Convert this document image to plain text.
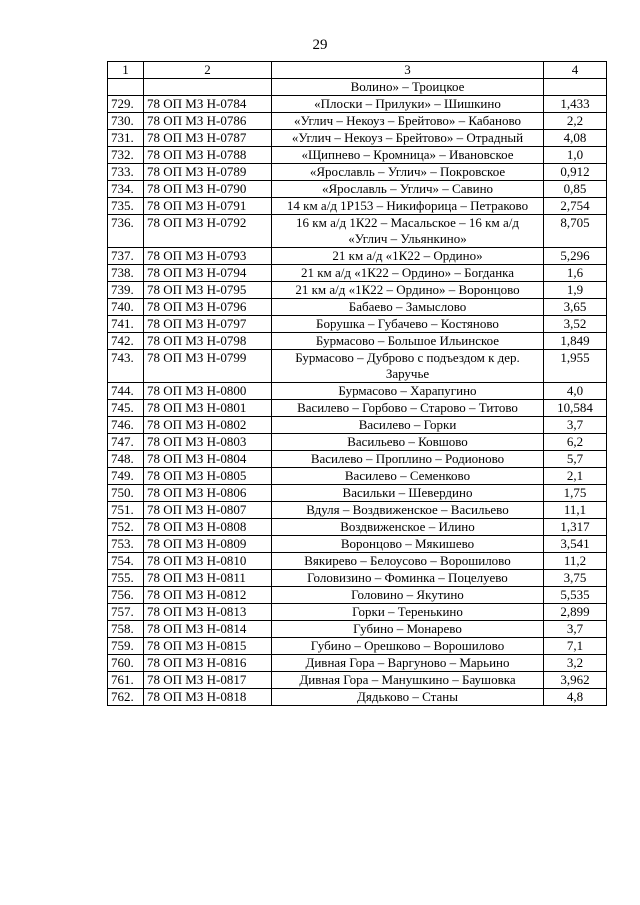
29
1	2	3	4
		Волино» – Троицкое	
729.	78 ОП МЗ Н-0784	«Плоски – Прилуки» – Шишкино	1,433
730.	78 ОП МЗ Н-0786	«Углич – Некоуз – Брейтово» – Кабаново	2,2
731.	78 ОП МЗ Н-0787	«Углич – Некоуз – Брейтово» – Отрадный	4,08
732.	78 ОП МЗ Н-0788	«Щипнево – Кромница» – Ивановское	1,0
733.	78 ОП МЗ Н-0789	«Ярославль – Углич» – Покровское	0,912
734.	78 ОП МЗ Н-0790	«Ярославль – Углич» – Савино	0,85
735.	78 ОП МЗ Н-0791	14 км а/д 1Р153 – Никифорица – Петраково	2,754
736.	78 ОП МЗ Н-0792	16 км а/д 1К22 – Масальское – 16 км а/д «Углич – Ульянкино»	8,705
737.	78 ОП МЗ Н-0793	21 км а/д «1К22 – Ордино»	5,296
738.	78 ОП МЗ Н-0794	21 км а/д «1К22 – Ордино» – Богданка	1,6
739.	78 ОП МЗ Н-0795	21 км а/д «1К22 – Ордино» – Воронцово	1,9
740.	78 ОП МЗ Н-0796	Бабаево – Замыслово	3,65
741.	78 ОП МЗ Н-0797	Борушка – Губачево – Костяново	3,52
742.	78 ОП МЗ Н-0798	Бурмасово – Большое Ильинское	1,849
743.	78 ОП МЗ Н-0799	Бурмасово – Дуброво с подъездом к дер. Заручье	1,955
744.	78 ОП МЗ Н-0800	Бурмасово – Харапугино	4,0
745.	78 ОП МЗ Н-0801	Василево – Горбово – Старово – Титово	10,584
746.	78 ОП МЗ Н-0802	Василево – Горки	3,7
747.	78 ОП МЗ Н-0803	Васильево – Ковшово	6,2
748.	78 ОП МЗ Н-0804	Василево – Проплино – Родионово	5,7
749.	78 ОП МЗ Н-0805	Василево – Семенково	2,1
750.	78 ОП МЗ Н-0806	Васильки – Шевердино	1,75
751.	78 ОП МЗ Н-0807	Вдуля – Воздвиженское – Васильево	11,1
752.	78 ОП МЗ Н-0808	Воздвиженское – Илино	1,317
753.	78 ОП МЗ Н-0809	Воронцово – Мякишево	3,541
754.	78 ОП МЗ Н-0810	Вякирево – Белоусово – Ворошилово	11,2
755.	78 ОП МЗ Н-0811	Головизино – Фоминка – Поцелуево	3,75
756.	78 ОП МЗ Н-0812	Головино – Якутино	5,535
757.	78 ОП МЗ Н-0813	Горки – Теренькино	2,899
758.	78 ОП МЗ Н-0814	Губино – Монарево	3,7
759.	78 ОП МЗ Н-0815	Губино – Орешково – Ворошилово	7,1
760.	78 ОП МЗ Н-0816	Дивная Гора – Варгуново – Марьино	3,2
761.	78 ОП МЗ Н-0817	Дивная Гора – Манушкино – Баушовка	3,962
762.	78 ОП МЗ Н-0818	Дядьково – Станы	4,8
